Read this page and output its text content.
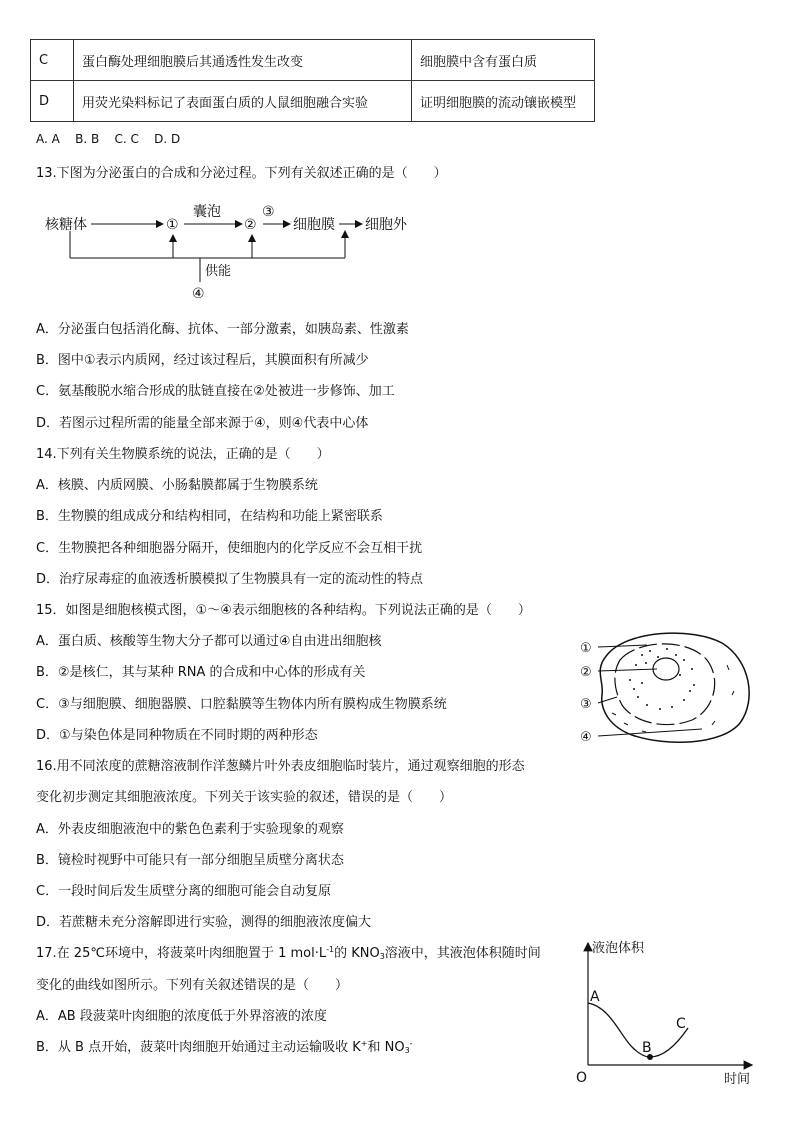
C	蛋白酶处理细胞膜后其通透性发生改变	细胞膜中含有蛋白质
D	用荧光染料标记了表面蛋白质的人鼠细胞融合实验	证明细胞膜的流动镶嵌模型
A. A    B. B    C. C    D. D
13.下图为分泌蛋白的合成和分泌过程。下列有关叙述正确的是（　　）
核糖体	①
囊泡
②
③
细胞膜 细胞外
供能
④
A．分泌蛋白包括消化酶、抗体、一部分激素，如胰岛素、性激素
B．图中①表示内质网，经过该过程后，其膜面积有所减少
C．氨基酸脱水缩合形成的肽链直接在②处被进一步修饰、加工
D．若图示过程所需的能量全部来源于④，则④代表中心体
14.下列有关生物膜系统的说法，正确的是（　　）
A．核膜、内质网膜、小肠黏膜都属于生物膜系统
B．生物膜的组成成分和结构相同，在结构和功能上紧密联系
C．生物膜把各种细胞器分隔开，使细胞内的化学反应不会互相干扰
D．治疗尿毒症的血液透析膜模拟了生物膜具有一定的流动性的特点
15．如图是细胞核模式图，①～④表示细胞核的各种结构。下列说法正确的是（　　）
A．蛋白质、核酸等生物大分子都可以通过④自由进出细胞核
B．②是核仁，其与某种 RNA 的合成和中心体的形成有关
C．③与细胞膜、细胞器膜、口腔黏膜等生物体内所有膜构成生物膜系统
D．①与染色体是同种物质在不同时期的两种形态
①
②
③
④
16.用不同浓度的蔗糖溶液制作洋葱鳞片叶外表皮细胞临时装片，通过观察细胞的形态
变化初步测定其细胞液浓度。下列关于该实验的叙述，错误的是（　　）
A．外表皮细胞液泡中的紫色色素利于实验现象的观察
B．镜检时视野中可能只有一部分细胞呈质壁分离状态
C．一段时间后发生质壁分离的细胞可能会自动复原
D．若蔗糖未充分溶解即进行实验，测得的细胞液浓度偏大
17.在 25℃环境中，将菠菜叶肉细胞置于 1 $mol\cdot L^{-1}$的 $KNO_3$溶液中，其液泡体积随时间
变化的曲线如图所示。下列有关叙述错误的是（　　）
A．AB 段菠菜叶肉细胞的浓度低于外界溶液的浓度
B．从 B 点开始，菠菜叶肉细胞开始通过主动运输吸收 K+和 $NO_3^-$
液泡体积
时间
O
A
B
C
